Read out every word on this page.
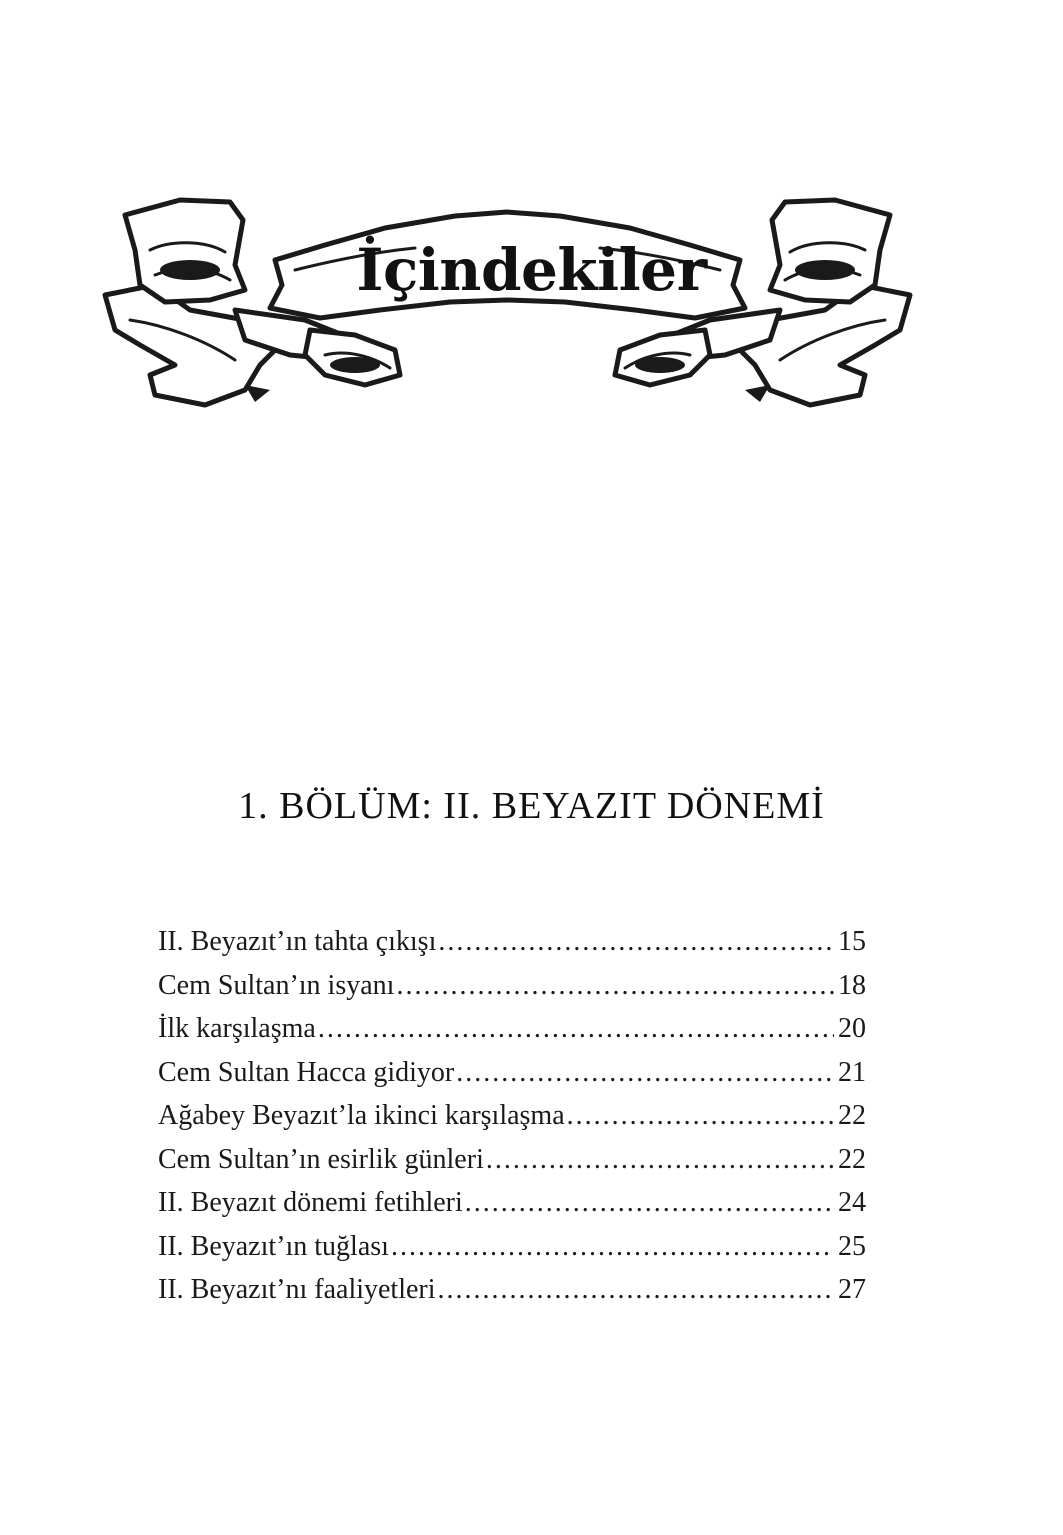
İçindekiler
1. BÖLÜM: II. BEYAZIT DÖNEMİ
II. Beyazıt’ın tahta çıkışı .....	15
Cem Sultan’ın isyanı .....	18
İlk karşılaşma .....	20
Cem Sultan Hacca gidiyor .....	21
Ağabey Beyazıt’la ikinci karşılaşma .....	22
Cem Sultan’ın esirlik günleri .....	22
II. Beyazıt dönemi fetihleri .....	24
II. Beyazıt’ın tuğlası .....	25
II. Beyazıt’nı faaliyetleri .....	27
